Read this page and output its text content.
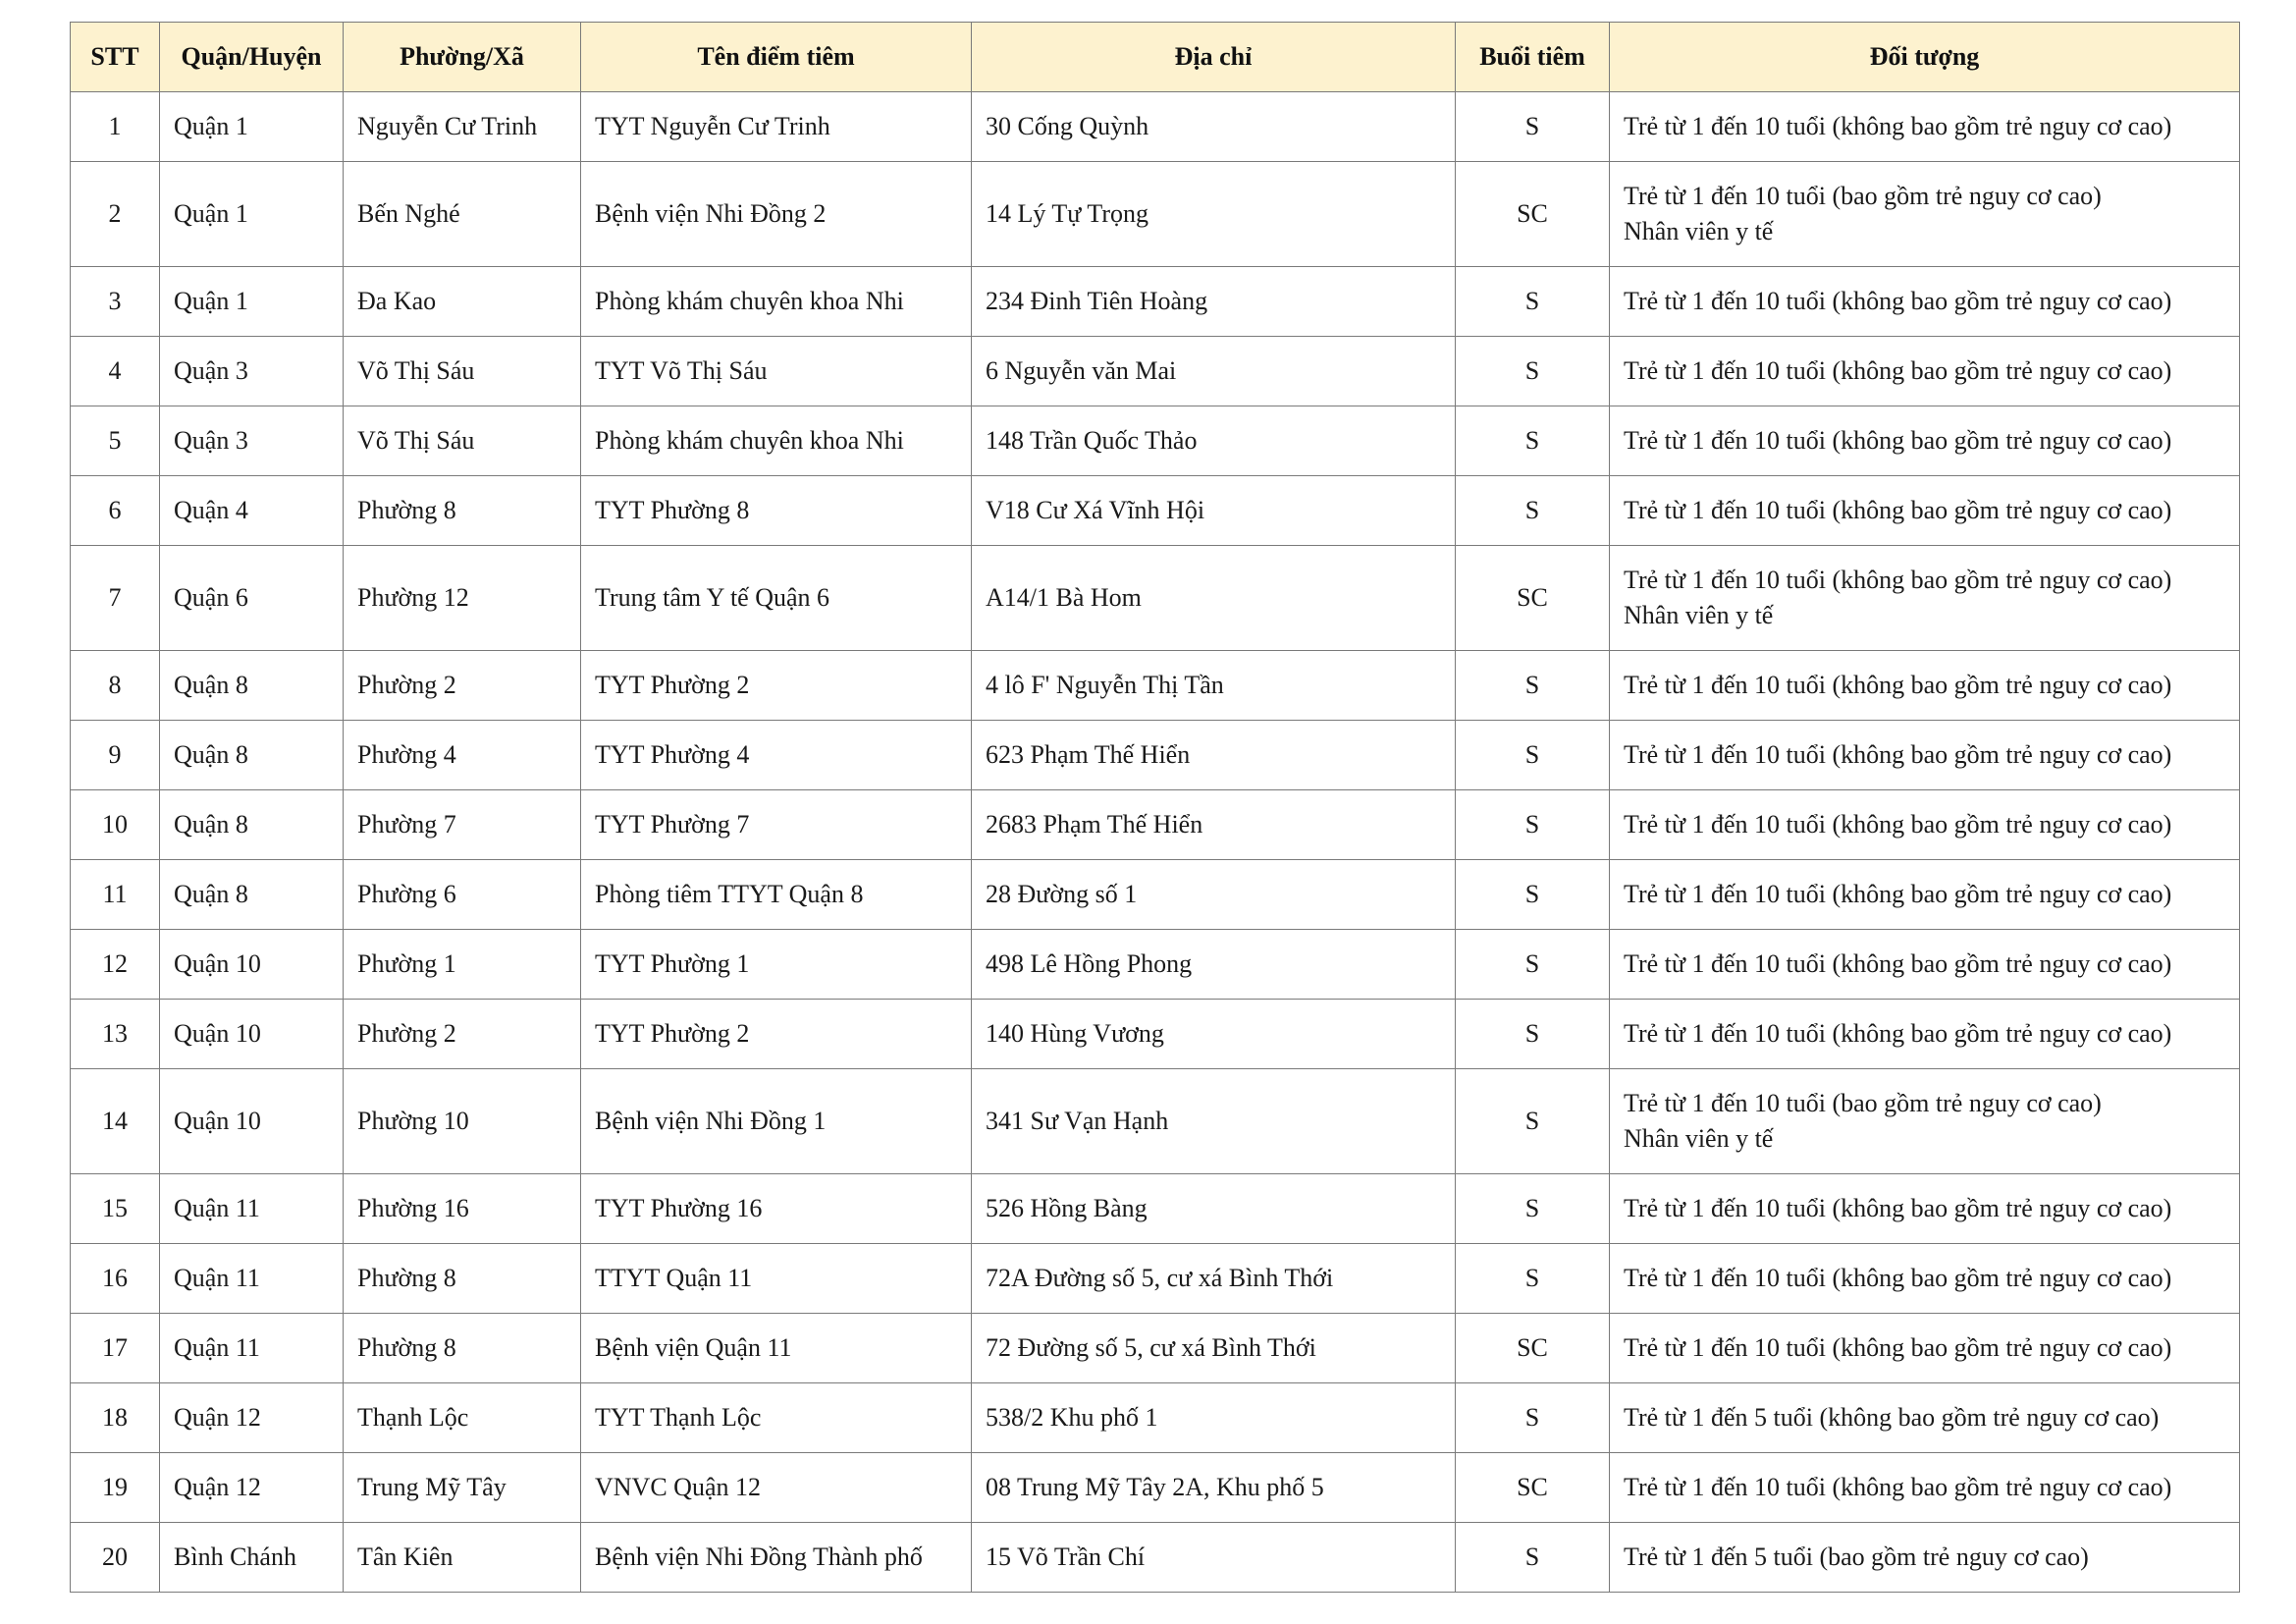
STT	Quận/Huyện	Phường/Xã	Tên điểm tiêm	Địa chỉ	Buổi tiêm	Đối tượng
1	Quận 1	Nguyễn Cư Trinh	TYT Nguyễn Cư Trinh	30 Cống Quỳnh	S	Trẻ từ 1 đến 10 tuổi (không bao gồm trẻ nguy cơ cao)

2	Quận 1	Bến Nghé	Bệnh viện Nhi Đồng 2	14 Lý Tự Trọng	SC	Trẻ từ 1 đến 10 tuổi (bao gồm trẻ nguy cơ cao)
Nhân viên y tế

3	Quận 1	Đa Kao	Phòng khám chuyên khoa Nhi	234 Đinh Tiên Hoàng	S	Trẻ từ 1 đến 10 tuổi (không bao gồm trẻ nguy cơ cao)

4	Quận 3	Võ Thị Sáu	TYT Võ Thị Sáu	6 Nguyễn văn Mai	S	Trẻ từ 1 đến 10 tuổi (không bao gồm trẻ nguy cơ cao)

5	Quận 3	Võ Thị Sáu	Phòng khám chuyên khoa Nhi	148 Trần Quốc Thảo	S	Trẻ từ 1 đến 10 tuổi (không bao gồm trẻ nguy cơ cao)

6	Quận 4	Phường 8	TYT Phường 8	V18 Cư Xá Vĩnh Hội	S	Trẻ từ 1 đến 10 tuổi (không bao gồm trẻ nguy cơ cao)

7	Quận 6	Phường 12	Trung tâm Y tế Quận 6	A14/1 Bà Hom	SC	Trẻ từ 1 đến 10 tuổi (không bao gồm trẻ nguy cơ cao)
Nhân viên y tế

8	Quận 8	Phường 2	TYT Phường 2	4 lô F' Nguyễn Thị Tần	S	Trẻ từ 1 đến 10 tuổi (không bao gồm trẻ nguy cơ cao)

9	Quận 8	Phường 4	TYT Phường 4	623 Phạm Thế Hiển	S	Trẻ từ 1 đến 10 tuổi (không bao gồm trẻ nguy cơ cao)

10	Quận 8	Phường 7	TYT Phường 7	2683 Phạm Thế Hiển	S	Trẻ từ 1 đến 10 tuổi (không bao gồm trẻ nguy cơ cao)

11	Quận 8	Phường 6	Phòng tiêm TTYT Quận 8	28 Đường số 1	S	Trẻ từ 1 đến 10 tuổi (không bao gồm trẻ nguy cơ cao)

12	Quận 10	Phường 1	TYT Phường 1	498 Lê Hồng Phong	S	Trẻ từ 1 đến 10 tuổi (không bao gồm trẻ nguy cơ cao)

13	Quận 10	Phường 2	TYT Phường 2	140 Hùng Vương	S	Trẻ từ 1 đến 10 tuổi (không bao gồm trẻ nguy cơ cao)

14	Quận 10	Phường 10	Bệnh viện Nhi Đồng 1	341 Sư Vạn Hạnh	S	Trẻ từ 1 đến 10 tuổi (bao gồm trẻ nguy cơ cao)
Nhân viên y tế

15	Quận 11	Phường 16	TYT Phường 16	526 Hồng Bàng	S	Trẻ từ 1 đến 10 tuổi (không bao gồm trẻ nguy cơ cao)

16	Quận 11	Phường 8	TTYT Quận 11	72A Đường số 5, cư xá Bình Thới	S	Trẻ từ 1 đến 10 tuổi (không bao gồm trẻ nguy cơ cao)

17	Quận 11	Phường 8	Bệnh viện Quận 11	72 Đường số 5, cư xá Bình Thới	SC	Trẻ từ 1 đến 10 tuổi (không bao gồm trẻ nguy cơ cao)

18	Quận 12	Thạnh Lộc	TYT Thạnh Lộc	538/2 Khu phố 1	S	Trẻ từ 1 đến 5 tuổi (không bao gồm trẻ nguy cơ cao)

19	Quận 12	Trung Mỹ Tây	VNVC Quận 12	08 Trung Mỹ Tây 2A, Khu phố 5	SC	Trẻ từ 1 đến 10 tuổi (không bao gồm trẻ nguy cơ cao)

20	Bình Chánh	Tân Kiên	Bệnh viện Nhi Đồng Thành phố	15 Võ Trần Chí	S	Trẻ từ 1 đến 5 tuổi (bao gồm trẻ nguy cơ cao)
